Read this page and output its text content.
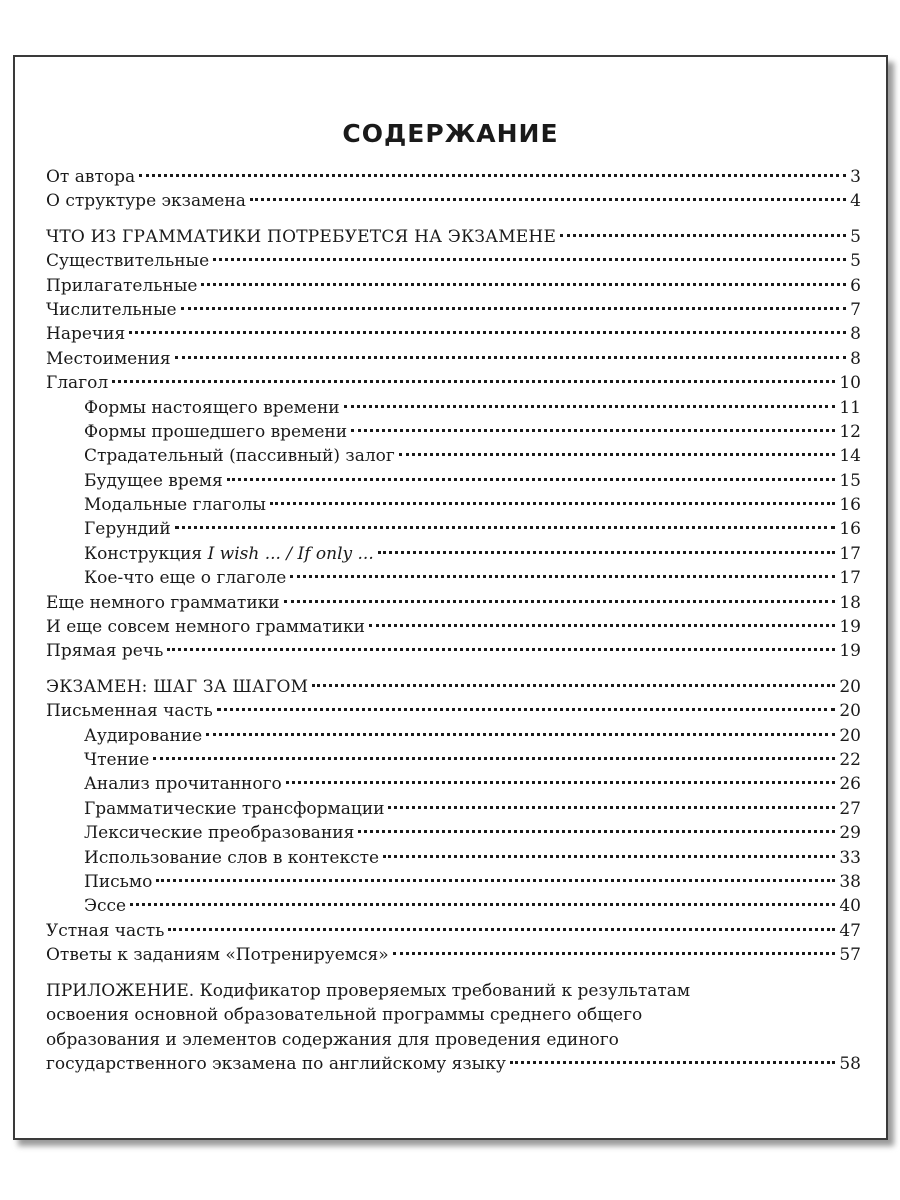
СОДЕРЖАНИЕ
От автора	3
О структуре экзамена	4
ЧТО ИЗ ГРАММАТИКИ ПОТРЕБУЕТСЯ НА ЭКЗАМЕНЕ	5
Существительные	5
Прилагательные	6
Числительные	7
Наречия	8
Местоимения	8
Глагол	10
Формы настоящего времени	11
Формы прошедшего времени	12
Страдательный (пассивный) залог	14
Будущее время	15
Модальные глаголы	16
Герундий	16
Конструкция I wish ... / If only ...	17
Кое-что еще о глаголе	17
Еще немного грамматики	18
И еще совсем немного грамматики	19
Прямая речь	19
ЭКЗАМЕН: ШАГ ЗА ШАГОМ	20
Письменная часть	20
Аудирование	20
Чтение	22
Анализ прочитанного	26
Грамматические трансформации	27
Лексические преобразования	29
Использование слов в контексте	33
Письмо	38
Эссе	40
Устная часть	47
Ответы к заданиям «Потренируемся»	57
ПРИЛОЖЕНИЕ. Кодификатор проверяемых требований к результатам
освоения основной образовательной программы среднего общего
образования и элементов содержания для проведения единого
государственного экзамена по английскому языку	58
